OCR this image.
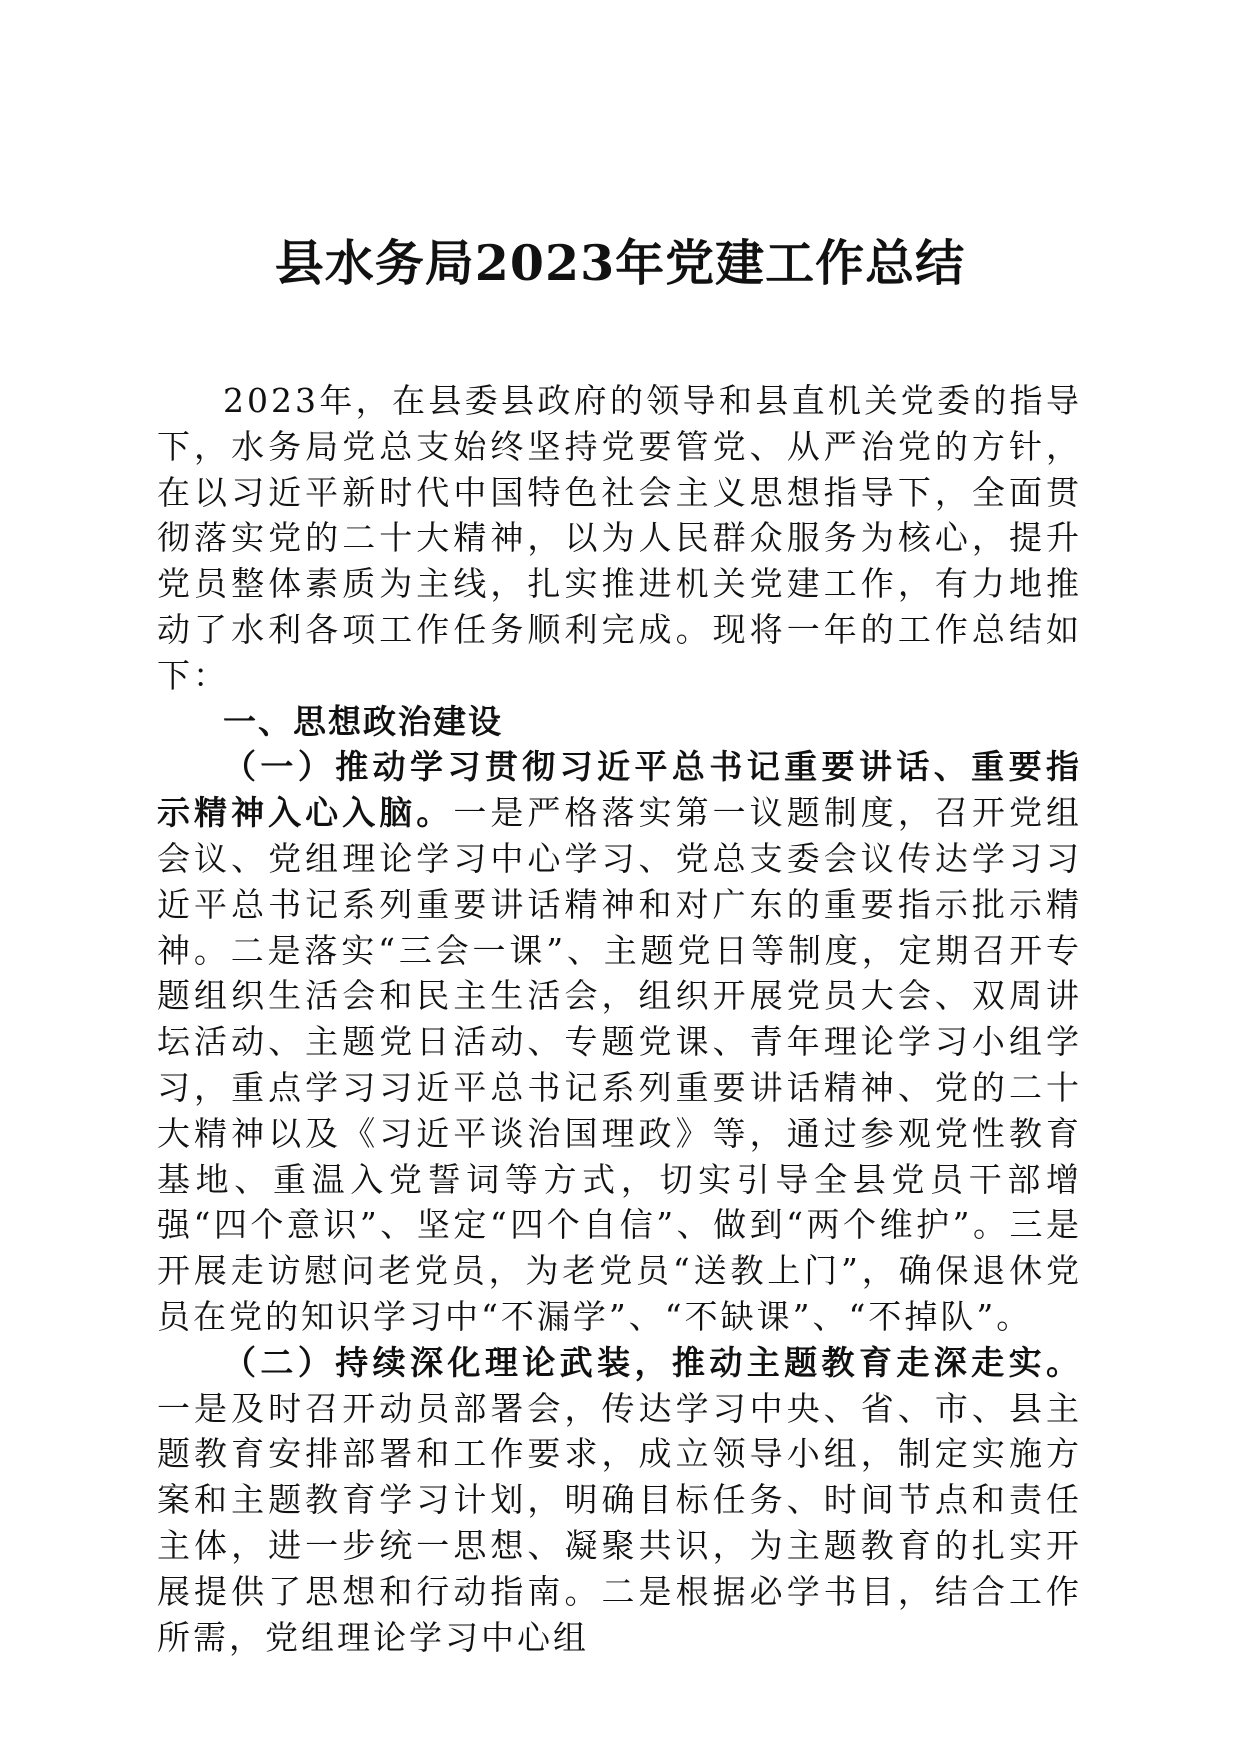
县水务局2023年党建工作总结

2023年，在县委县政府的领导和县直机关党委的指导下，水务局党总支始终坚持党要管党、从严治党的方针，在以习近平新时代中国特色社会主义思想指导下，全面贯彻落实党的二十大精神，以为人民群众服务为核心，提升党员整体素质为主线，扎实推进机关党建工作，有力地推动了水利各项工作任务顺利完成。现将一年的工作总结如下：

一、思想政治建设

（一）推动学习贯彻习近平总书记重要讲话、重要指示精神入心入脑。一是严格落实第一议题制度，召开党组会议、党组理论学习中心学习、党总支委会议传达学习习近平总书记系列重要讲话精神和对广东的重要指示批示精神。二是落实“三会一课”、主题党日等制度，定期召开专题组织生活会和民主生活会，组织开展党员大会、双周讲坛活动、主题党日活动、专题党课、青年理论学习小组学习，重点学习习近平总书记系列重要讲话精神、党的二十大精神以及《习近平谈治国理政》等，通过参观党性教育基地、重温入党誓词等方式，切实引导全县党员干部增强“四个意识”、坚定“四个自信”、做到“两个维护”。三是开展走访慰问老党员，为老党员“送教上门”，确保退休党员在党的知识学习中“不漏学”、“不缺课”、“不掉队”。

（二）持续深化理论武装，推动主题教育走深走实。一是及时召开动员部署会，传达学习中央、省、市、县主题教育安排部署和工作要求，成立领导小组，制定实施方案和主题教育学习计划，明确目标任务、时间节点和责任主体，进一步统一思想、凝聚共识，为主题教育的扎实开展提供了思想和行动指南。二是根据必学书目，结合工作所需，党组理论学习中心组
